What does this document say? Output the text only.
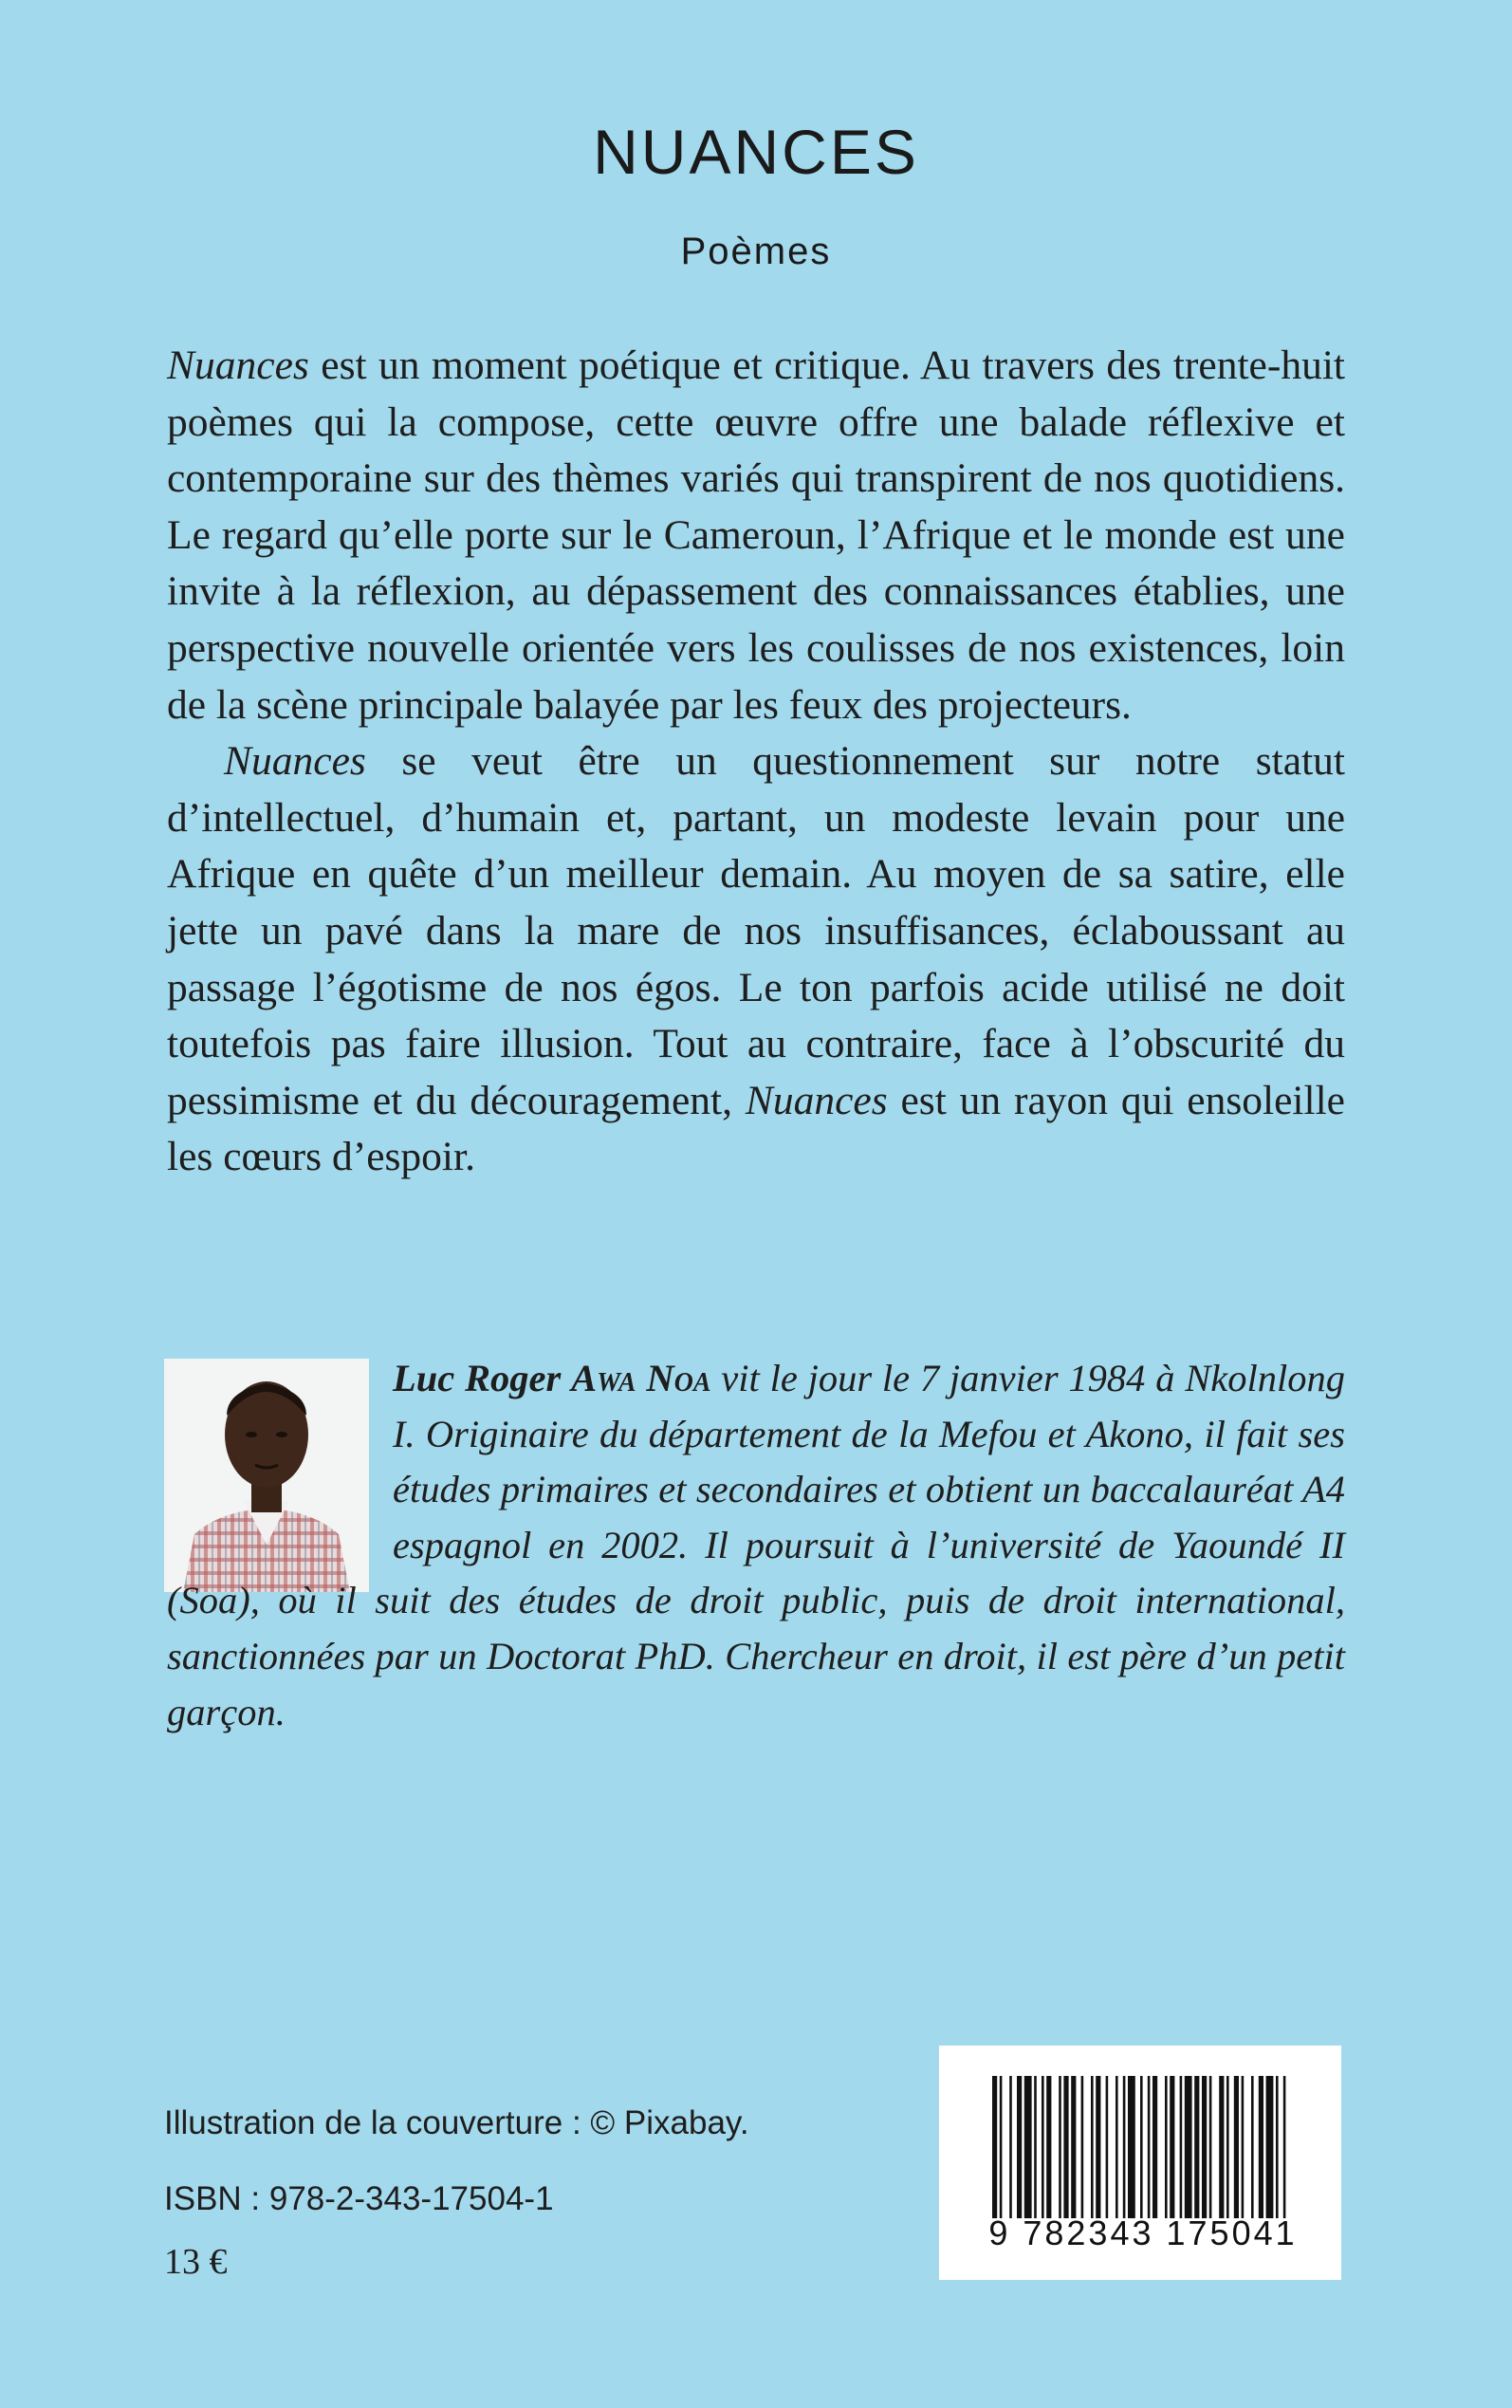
NUANCES
Poèmes

Nuances est un moment poétique et critique. Au travers des trente-huit poèmes qui la compose, cette œuvre offre une balade réflexive et contemporaine sur des thèmes variés qui transpirent de nos quotidiens. Le regard qu’elle porte sur le Cameroun, l’Afrique et le monde est une invite à la réflexion, au dépassement des connaissances établies, une perspective nouvelle orientée vers les coulisses de nos existences, loin de la scène principale balayée par les feux des projecteurs.

Nuances se veut être un questionnement sur notre statut d’intellectuel, d’humain et, partant, un modeste levain pour une Afrique en quête d’un meilleur demain. Au moyen de sa satire, elle jette un pavé dans la mare de nos insuffisances, éclaboussant au passage l’égotisme de nos égos. Le ton parfois acide utilisé ne doit toutefois pas faire illusion. Tout au contraire, face à l’obscurité du pessimisme et du découragement, Nuances est un rayon qui ensoleille les cœurs d’espoir.

Luc Roger Awa Noa vit le jour le 7 janvier 1984 à Nkolnlong I. Originaire du département de la Mefou et Akono, il fait ses études primaires et secondaires et obtient un baccalauréat A4 espagnol en 2002. Il poursuit à l’université de Yaoundé II (Soa), où il suit des études de droit public, puis de droit international, sanctionnées par un Doctorat PhD. Chercheur en droit, il est père d’un petit garçon.
Illustration de la couverture : © Pixabay.
ISBN : 978-2-343-17504-1
13 €
9 782343 175041
